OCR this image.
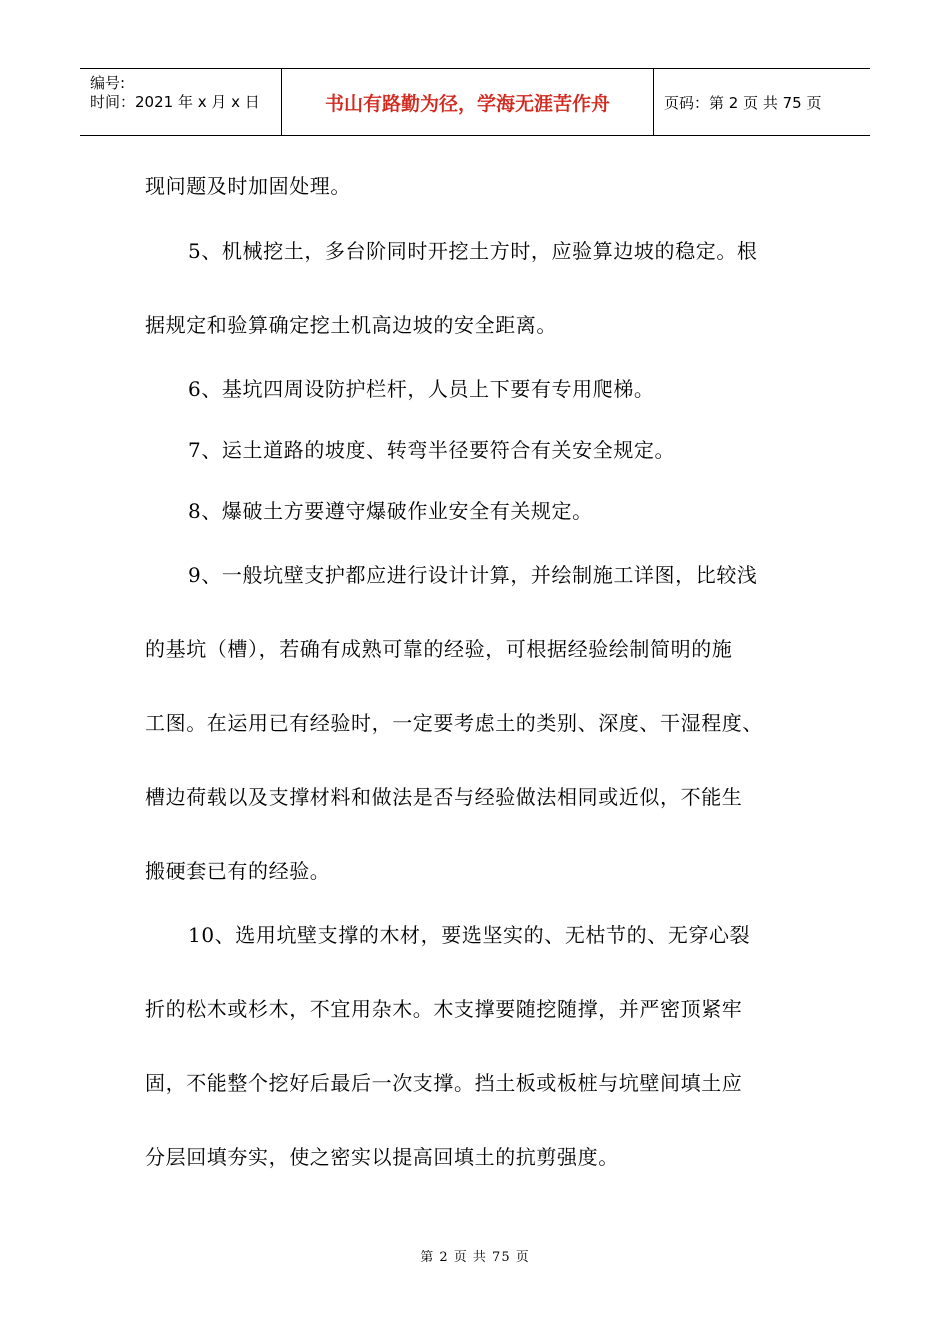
编号:
时间：2021 年 x 月 x 日	书山有路勤为径，学海无涯苦作舟	页码：第 2 页 共 75 页
现问题及时加固处理。
5、机械挖土，多台阶同时开挖土方时，应验算边坡的稳定。根
据规定和验算确定挖土机高边坡的安全距离。
6、基坑四周设防护栏杆，人员上下要有专用爬梯。
7、运土道路的坡度、转弯半径要符合有关安全规定。
8、爆破土方要遵守爆破作业安全有关规定。
9、一般坑壁支护都应进行设计计算，并绘制施工详图，比较浅
的基坑（槽），若确有成熟可靠的经验，可根据经验绘制简明的施
工图。在运用已有经验时，一定要考虑土的类别、深度、干湿程度、
槽边荷载以及支撑材料和做法是否与经验做法相同或近似，不能生
搬硬套已有的经验。
10、选用坑壁支撑的木材，要选坚实的、无枯节的、无穿心裂
折的松木或杉木，不宜用杂木。木支撑要随挖随撑，并严密顶紧牢
固，不能整个挖好后最后一次支撑。挡土板或板桩与坑壁间填土应
分层回填夯实，使之密实以提高回填土的抗剪强度。
第 2 页 共 75 页
